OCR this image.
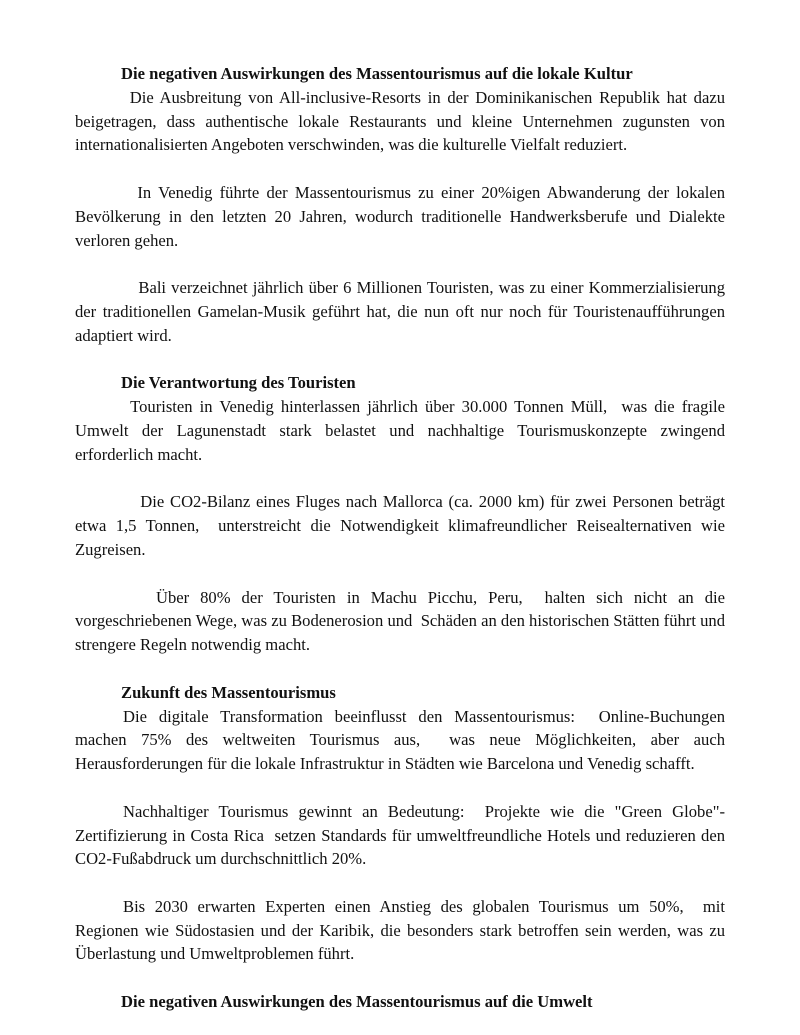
Die negativen Auswirkungen des Massentourismus auf die lokale Kultur

Die Ausbreitung von All-inclusive-Resorts in der Dominikanischen Republik hat dazu beigetragen, dass authentische lokale Restaurants und kleine Unternehmen zugunsten von  internationalisierten Angeboten verschwinden, was die kulturelle Vielfalt reduziert.

In Venedig führte der Massentourismus zu einer 20%igen Abwanderung der lokalen Bevölkerung in den letzten 20 Jahren, wodurch traditionelle Handwerksberufe und Dialekte verloren gehen.

Bali verzeichnet jährlich über 6 Millionen Touristen, was zu einer Kommerzialisierung der traditionellen Gamelan-Musik geführt hat, die nun oft nur noch für Touristenaufführungen adaptiert wird.

Die Verantwortung des Touristen

Touristen in Venedig hinterlassen jährlich über 30.000 Tonnen Müll,  was die fragile Umwelt der Lagunenstadt stark belastet und nachhaltige Tourismuskonzepte zwingend erforderlich macht.

Die CO2-Bilanz eines Fluges nach Mallorca (ca. 2000 km) für zwei Personen beträgt etwa 1,5 Tonnen,  unterstreicht die Notwendigkeit klimafreundlicher Reisealternativen wie Zugreisen.

Über 80% der Touristen in Machu Picchu, Peru,  halten sich nicht an die vorgeschriebenen Wege, was zu Bodenerosion und  Schäden an den historischen Stätten führt und  strengere Regeln notwendig macht.

Zukunft des Massentourismus

Die digitale Transformation beeinflusst den Massentourismus:  Online-Buchungen machen 75% des weltweiten Tourismus aus,  was neue Möglichkeiten, aber auch Herausforderungen für die lokale Infrastruktur in Städten wie Barcelona und Venedig schafft.

Nachhaltiger Tourismus gewinnt an Bedeutung:  Projekte wie die "Green Globe"-Zertifizierung in Costa Rica  setzen Standards für umweltfreundliche Hotels und reduzieren den CO2-Fußabdruck um durchschnittlich 20%.

Bis 2030 erwarten Experten einen Anstieg des globalen Tourismus um 50%,  mit Regionen wie Südostasien und der Karibik, die besonders stark betroffen sein werden, was zu Überlastung und Umweltproblemen führt.

Die negativen Auswirkungen des Massentourismus auf die Umwelt
